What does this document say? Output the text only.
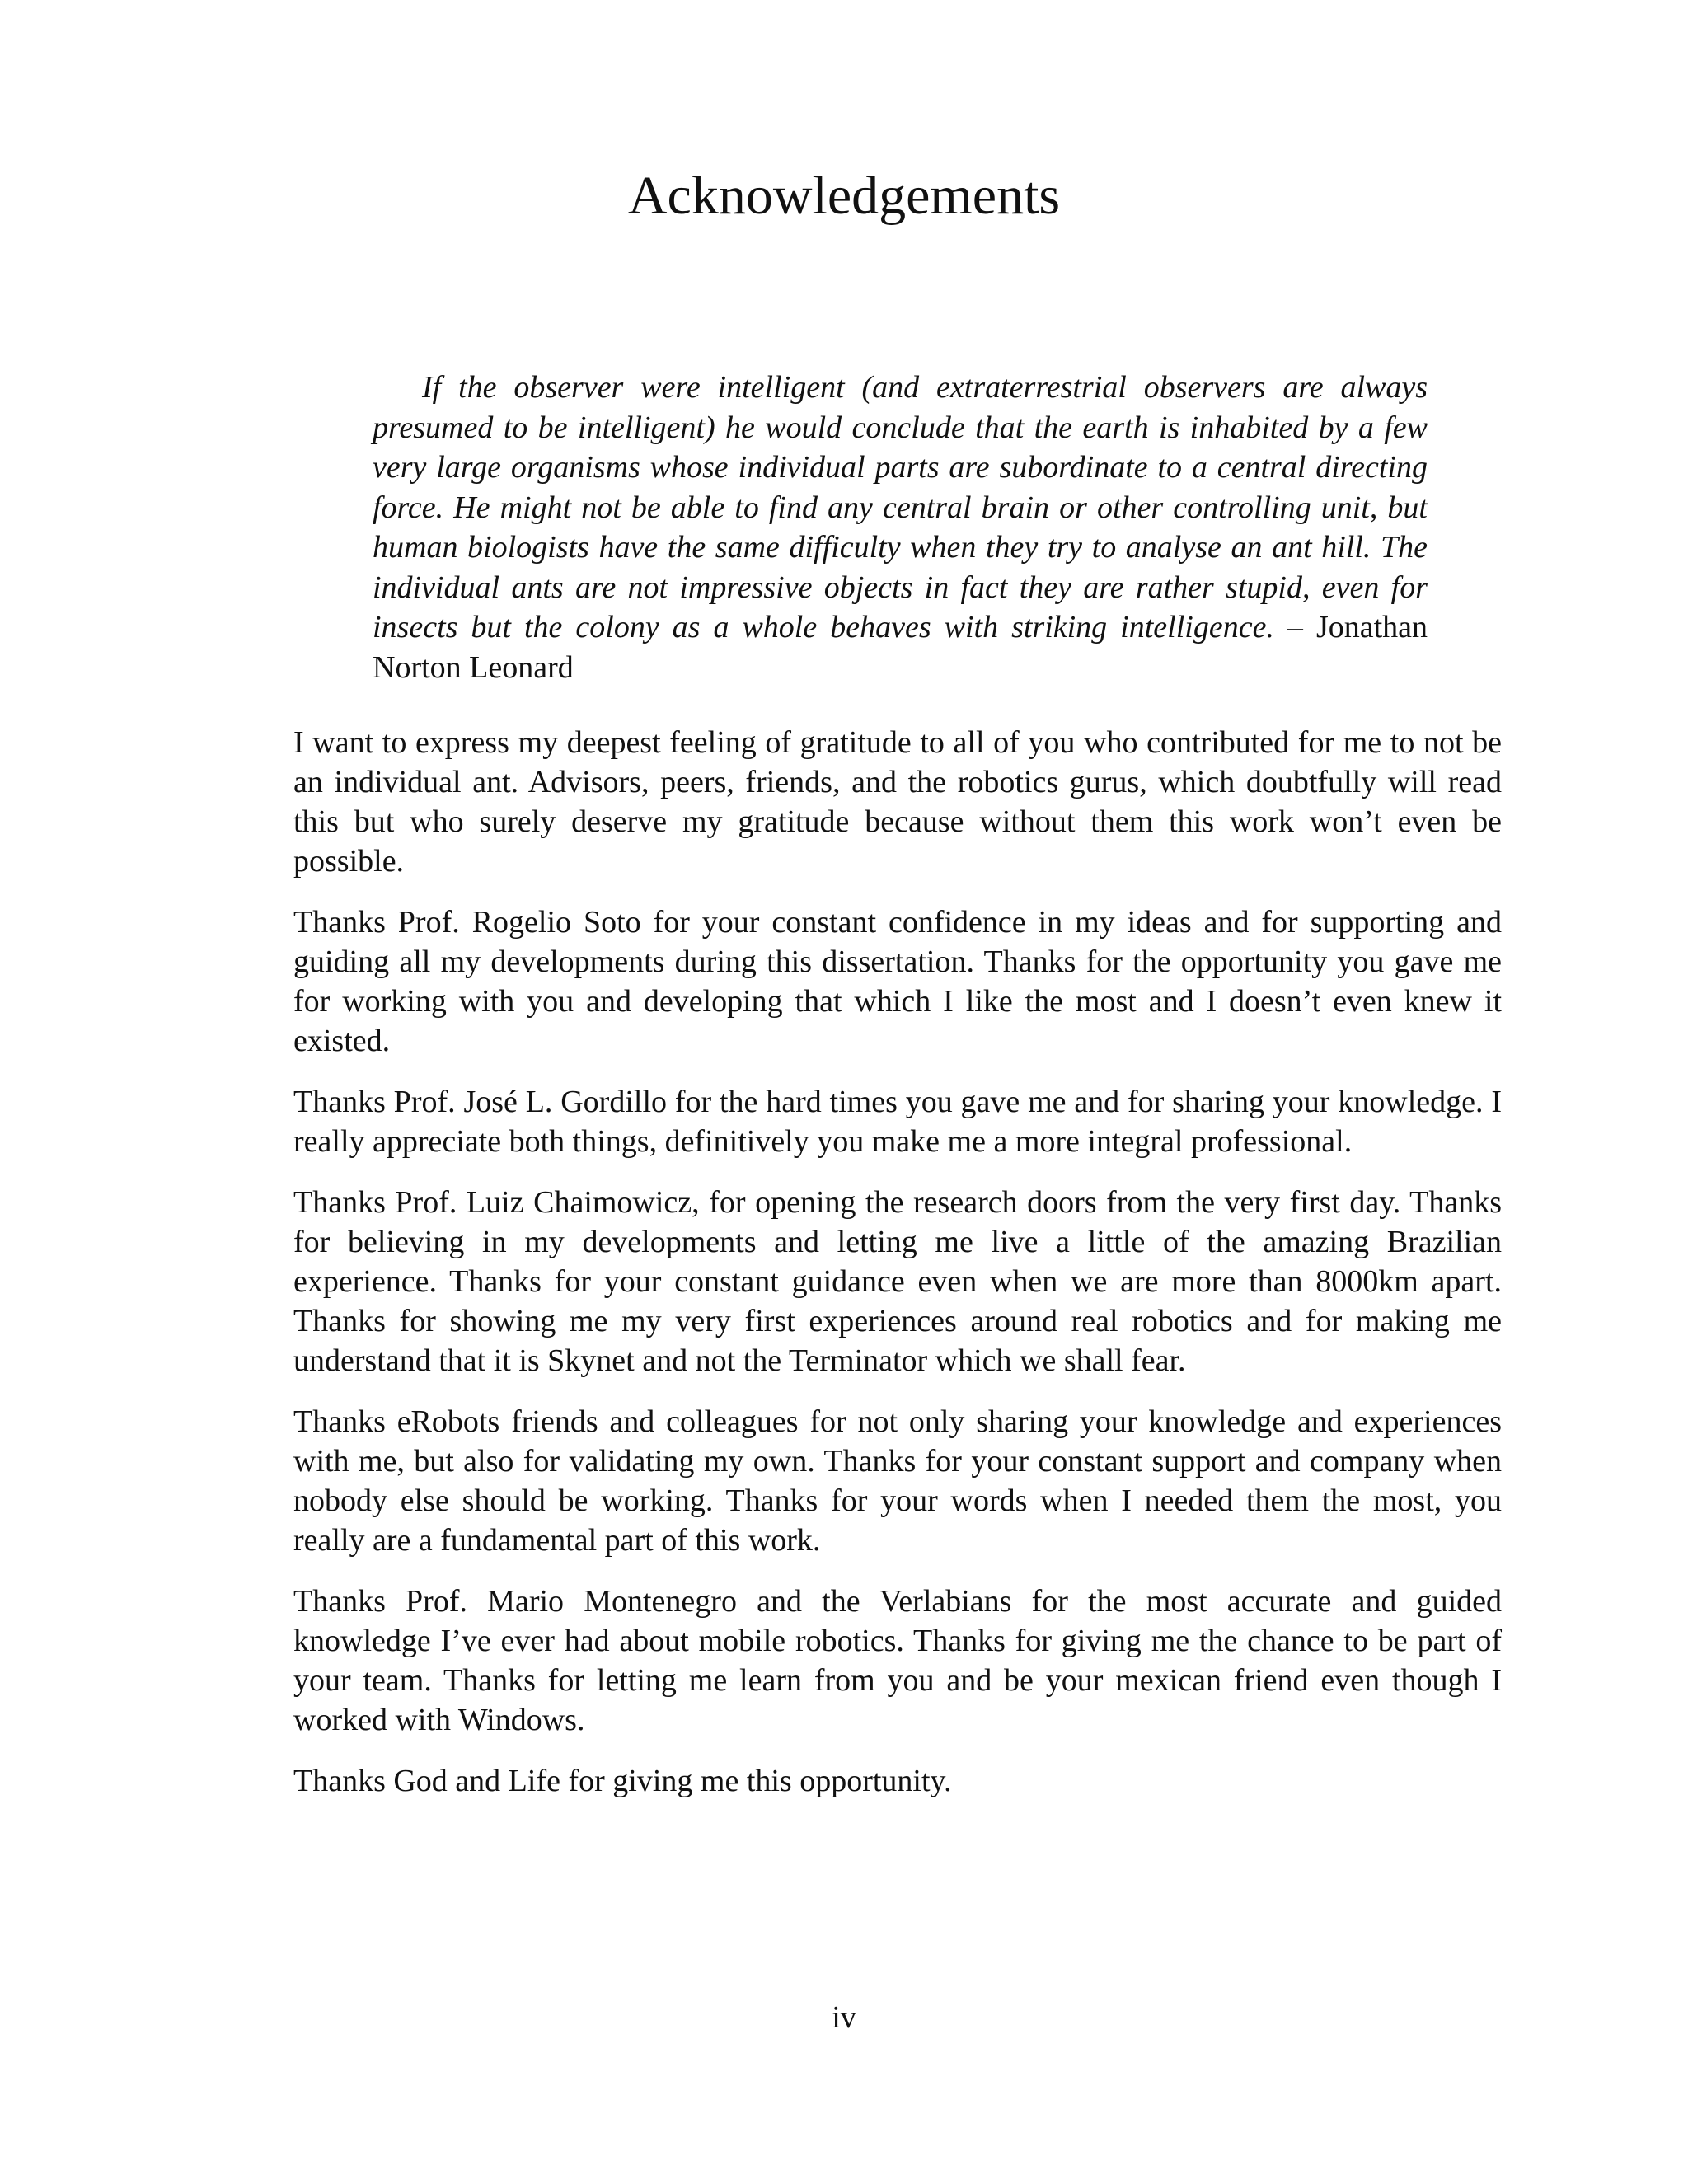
Acknowledgements
If the observer were intelligent (and extraterrestrial observers are always presumed to be intelligent) he would conclude that the earth is inhabited by a few very large organisms whose individual parts are subordinate to a central directing force. He might not be able to find any central brain or other controlling unit, but human biologists have the same difficulty when they try to analyse an ant hill. The individual ants are not impressive objects in fact they are rather stupid, even for insects but the colony as a whole behaves with striking intelligence. – Jonathan Norton Leonard

I want to express my deepest feeling of gratitude to all of you who contributed for me to not be an individual ant. Advisors, peers, friends, and the robotics gurus, which doubtfully will read this but who surely deserve my gratitude because without them this work won’t even be possible.

Thanks Prof. Rogelio Soto for your constant confidence in my ideas and for supporting and guiding all my developments during this dissertation. Thanks for the opportunity you gave me for working with you and developing that which I like the most and I doesn’t even knew it existed.

Thanks Prof. José L. Gordillo for the hard times you gave me and for sharing your knowledge. I really appreciate both things, definitively you make me a more integral professional.

Thanks Prof. Luiz Chaimowicz, for opening the research doors from the very first day. Thanks for believing in my developments and letting me live a little of the amazing Brazilian experience. Thanks for your constant guidance even when we are more than 8000km apart. Thanks for showing me my very first experiences around real robotics and for making me understand that it is Skynet and not the Terminator which we shall fear.

Thanks eRobots friends and colleagues for not only sharing your knowledge and experiences with me, but also for validating my own. Thanks for your constant support and company when nobody else should be working. Thanks for your words when I needed them the most, you really are a fundamental part of this work.

Thanks Prof. Mario Montenegro and the Verlabians for the most accurate and guided knowledge I’ve ever had about mobile robotics. Thanks for giving me the chance to be part of your team. Thanks for letting me learn from you and be your mexican friend even though I worked with Windows.

Thanks God and Life for giving me this opportunity.

iv
